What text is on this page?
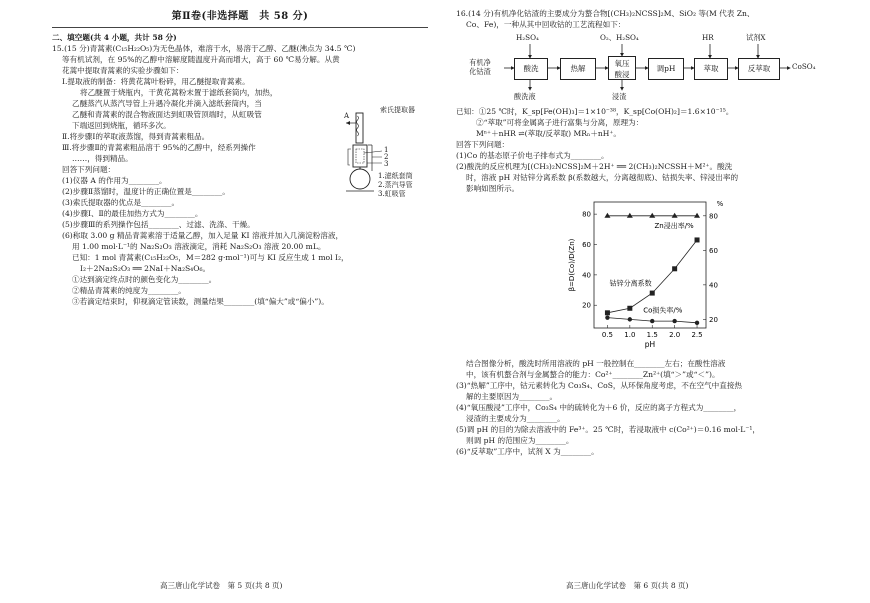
第Ⅱ卷(非选择题　共 58 分)

二、填空题(共 4 小题，共计 58 分)

15.(15 分)青蒿素(C₁₅H₂₂O₅)为无色晶体，难溶于水，易溶于乙醇、乙醚(沸点为 34.5 ℃)

等有机试剂，在 95%的乙醇中溶解度随温度升高而增大，高于 60 ℃易分解。从黄

花蒿中提取青蒿素的实验步骤如下：

Ⅰ.提取液的制备：将黄花蒿叶粉碎，用乙醚提取青蒿素。

将乙醚置于烧瓶内，干黄花蒿粉末置于滤纸套筒内，加热，

乙醚蒸汽从蒸汽导管上升遇冷凝化并滴入滤纸套筒内，当

乙醚和青蒿素的混合物液面达到虹吸管顶端时，从虹吸管

下端返回到烧瓶，循环多次。

Ⅱ.将步骤Ⅰ的萃取液蒸馏，得到青蒿素粗品。

Ⅲ.将步骤Ⅱ的青蒿素粗品溶于 95%的乙醇中，经系列操作

……，得到精品。

回答下列问题：

(1)仪器 A 的作用为________。

(2)步骤Ⅱ蒸馏时，温度计的正确位置是________。

(3)索氏提取器的优点是________。

(4)步骤Ⅰ、Ⅱ的最佳加热方式为________。

(5)步骤Ⅲ的系列操作包括________、过滤、洗涤、干燥。

(6)称取 3.00 g 精品青蒿素溶于适量乙醇，加入足量 KI 溶液并加入几滴淀粉溶液，

用 1.00 mol·L⁻¹的 Na₂S₂O₃ 溶液滴定，消耗 Na₂S₂O₃ 溶液 20.00 mL。

已知：1 mol 青蒿素(C₁₅H₂₂O₅，M＝282 g·mol⁻¹)可与 KI 反应生成 1 mol I₂，

I₂＋2Na₂S₂O₃ ══ 2NaI＋Na₂S₄O₆。

①达到滴定终点时的颜色变化为________。

②精品青蒿素的纯度为________。

③若滴定结束时，仰视滴定管读数，测量结果________(填“偏大”或“偏小”)。

索氏提取器
A
1
2
3
1.滤纸套筒
2.蒸汽导管
3.虹吸管

16.(14 分)有机净化钴渣的主要成分为螯合物[(CH₃)₂NCSS]₂M、SiO₂ 等(M 代表 Zn、

Co、Fe)，一种从其中回收钴的工艺流程如下：

有机净
化钴渣	酸洗	热解
氧压
酸浸
调pH	萃取	反萃取	CoSO₄
H₂SO₄	O₂、H₂SO₄	HR	试剂X
酸洗液	浸渣

已知：①25 ℃时，K_sp[Fe(OH)₃]＝1×10⁻³⁸，K_sp[Co(OH)₂]＝1.6×10⁻¹⁵。

②“萃取”可将金属离子进行富集与分离，原理为：

Mⁿ⁺＋nHR ⇌(萃取/反萃取) MRₙ＋nH⁺。

回答下列问题：

(1)Co 的基态原子价电子排布式为________。

(2)酸洗的反应机理为[(CH₃)₂NCSS]₂M＋2H⁺ ══ 2(CH₃)₂NCSSH＋M²⁺。酸洗

时，溶液 pH 对钴锌分离系数 β(系数越大，分离越彻底)、钴损失率、锌浸出率的

影响如图所示。

0.5 1.0 1.5 2.0 2.5
20
40
60
80
20
40
60
80
pH
β=D(Co)/D(Zn)
%
Zn浸出率/%
钴锌分离系数
Co损失率/%

结合图像分析，酸洗时所用溶液的 pH 一般控制在________左右；在酸性溶液

中，该有机螯合剂与金属螯合的能力：Co²⁺________Zn²⁺(填“＞”或“＜”)。

(3)“热解”工序中，钴元素转化为 Co₃S₄、CoS，从环保角度考虑，不在空气中直接热

解的主要原因为________。

(4)“氧压酸浸”工序中，Co₃S₄ 中的硫转化为＋6 价，反应的离子方程式为________，

浸渣的主要成分为________。

(5)调 pH 的目的为除去溶液中的 Fe³⁺。25 ℃时，若浸取液中 c(Co²⁺)＝0.16 mol·L⁻¹，

则调 pH 的范围应为________。

(6)“反萃取”工序中，试剂 X 为________。

高三唐山化学试卷　第 5 页(共 8 页)	高三唐山化学试卷　第 6 页(共 8 页)
